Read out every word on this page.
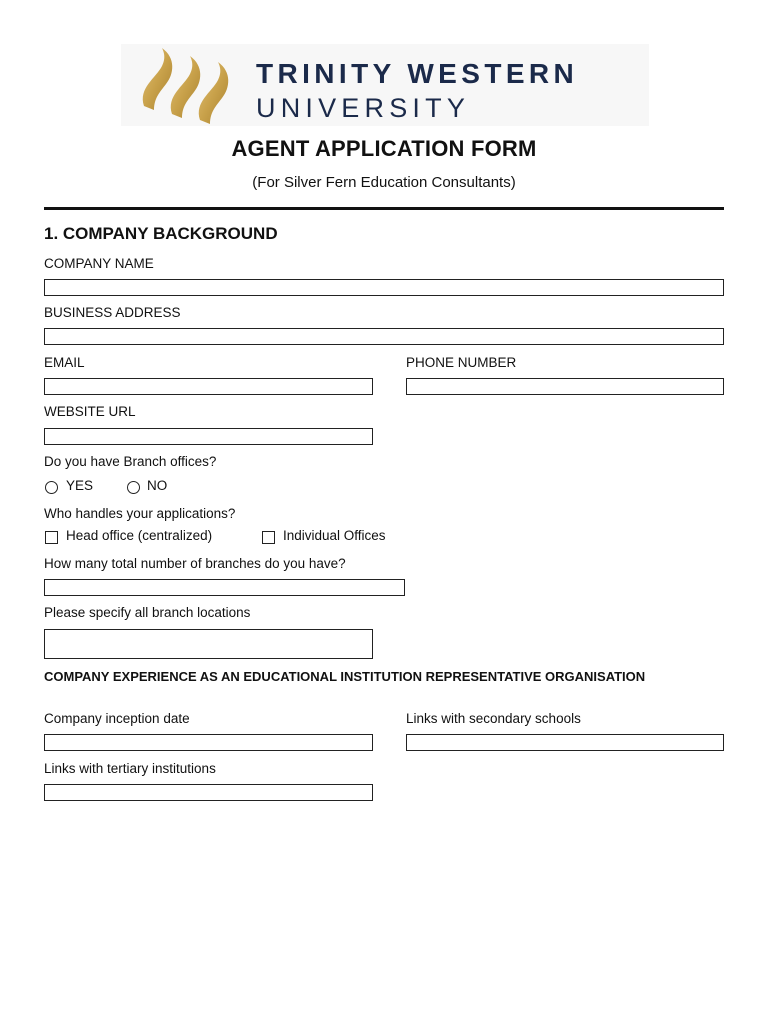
TRINITY WESTERN
UNIVERSITY
AGENT APPLICATION FORM
(For Silver Fern Education Consultants)
1. COMPANY BACKGROUND
COMPANY NAME
BUSINESS ADDRESS
EMAIL	PHONE NUMBER
WEBSITE URL
Do you have Branch offices?
YES	NO
Who handles your applications?
Head office (centralized)	Individual Offices
How many total number of branches do you have?
Please specify all branch locations
COMPANY EXPERIENCE AS AN EDUCATIONAL INSTITUTION REPRESENTATIVE ORGANISATION
Company inception date	Links with secondary schools
Links with tertiary institutions
